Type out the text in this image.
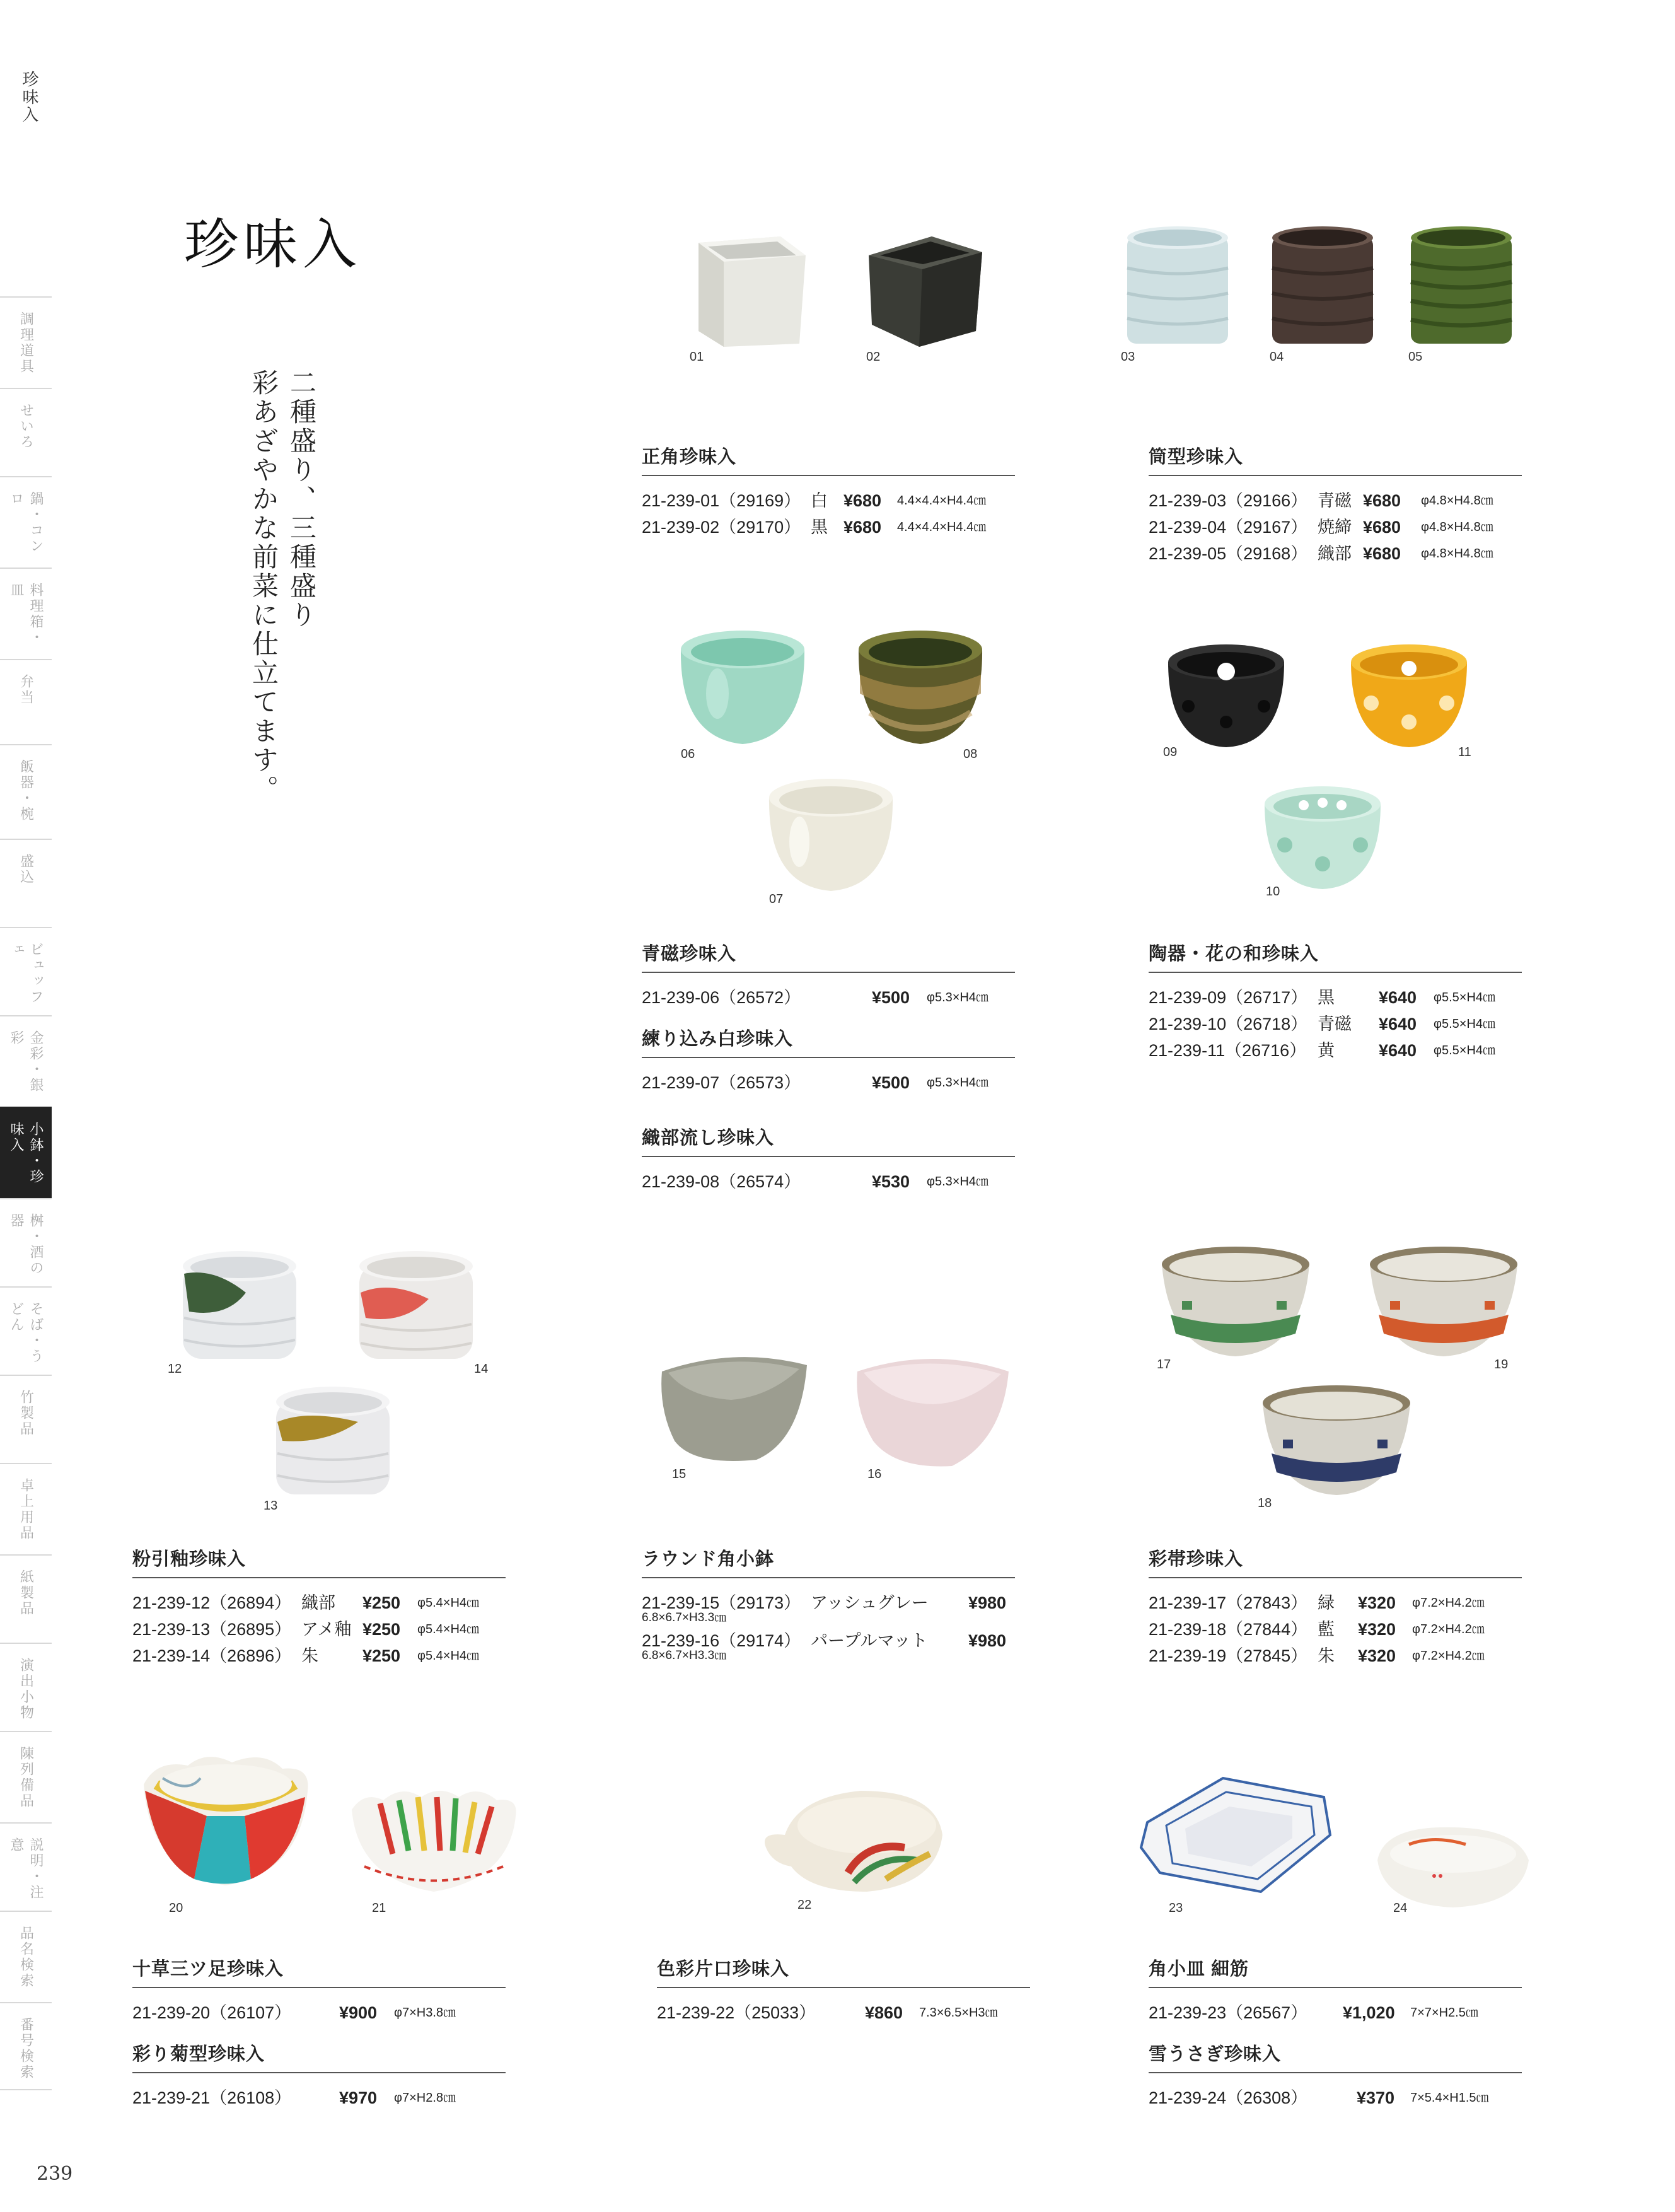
珍味入
調理道具
せいろ
鍋・コンロ
料理箱・皿
弁当
飯器・椀
盛込
ビュッフェ
金彩・銀彩
小鉢・珍味入
桝・酒の器
そば・うどん
竹製品
卓上用品
紙製品
演出小物
陳列備品
説明・注意
品名検索
番号検索
239
珍味入
二種盛り、三種盛り
彩あざやかな前菜に仕立てます。
01	02	03	04	05
正角珍味入
21-239-01（29169） 白 ¥680 4.4×4.4×H4.4㎝
21-239-02（29170） 黒 ¥680 4.4×4.4×H4.4㎝
筒型珍味入
21-239-03（29166） 青磁 ¥680 φ4.8×H4.8㎝
21-239-04（29167） 焼締 ¥680 φ4.8×H4.8㎝
21-239-05（29168） 織部 ¥680 φ4.8×H4.8㎝
06	08
07
09	11
10
青磁珍味入
21-239-06（26572）	¥500 φ5.3×H4㎝
練り込み白珍味入
21-239-07（26573）	¥500 φ5.3×H4㎝
織部流し珍味入
21-239-08（26574）	¥530 φ5.3×H4㎝
陶器・花の和珍味入
21-239-09（26717） 黒	¥640 φ5.5×H4㎝
21-239-10（26718） 青磁 ¥640 φ5.5×H4㎝
21-239-11（26716） 黄	¥640 φ5.5×H4㎝
12	14
13
15	16
17	19
18
粉引釉珍味入
21-239-12（26894） 織部 ¥250 φ5.4×H4㎝
21-239-13（26895） アメ釉 ¥250 φ5.4×H4㎝
21-239-14（26896） 朱	¥250 φ5.4×H4㎝
ラウンド角小鉢
21-239-15（29173） アッシュグレー ¥980
6.8×6.7×H3.3㎝
21-239-16（29174） パープルマット ¥980
6.8×6.7×H3.3㎝
彩帯珍味入
21-239-17（27843） 緑 ¥320 φ7.2×H4.2㎝
21-239-18（27844） 藍 ¥320 φ7.2×H4.2㎝
21-239-19（27845） 朱 ¥320 φ7.2×H4.2㎝
20	21	22	23	24
十草三ツ足珍味入
21-239-20（26107）	¥900 φ7×H3.8㎝
彩り菊型珍味入
21-239-21（26108）	¥970 φ7×H2.8㎝
色彩片口珍味入
21-239-22（25033）	¥860 7.3×6.5×H3㎝
角小皿 細筋
21-239-23（26567） ¥1,020 7×7×H2.5㎝
雪うさぎ珍味入
21-239-24（26308）	¥370 7×5.4×H1.5㎝
